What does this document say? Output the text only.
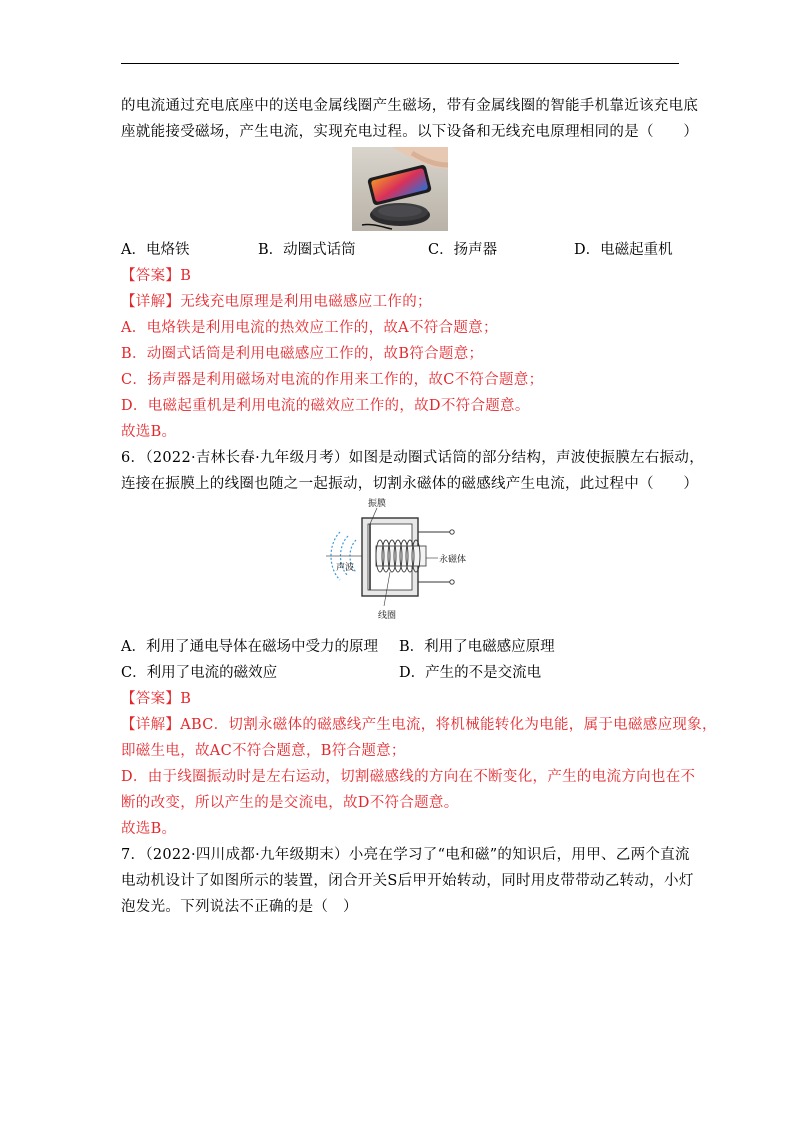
的电流通过充电底座中的送电金属线圈产生磁场，带有金属线圈的智能手机靠近该充电底
座就能接受磁场，产生电流，实现充电过程。以下设备和无线充电原理相同的是（　　）
A．电烙铁	B．动圈式话筒	C．扬声器	D．电磁起重机
【答案】B
【详解】无线充电原理是利用电磁感应工作的；
A．电烙铁是利用电流的热效应工作的，故A不符合题意；
B．动圈式话筒是利用电磁感应工作的，故B符合题意；
C．扬声器是利用磁场对电流的作用来工作的，故C不符合题意；
D．电磁起重机是利用电流的磁效应工作的，故D不符合题意。
故选B。
6．（2022·吉林长春·九年级月考）如图是动圈式话筒的部分结构，声波使振膜左右振动，
连接在振膜上的线圈也随之一起振动，切割永磁体的磁感线产生电流，此过程中（　　）
振膜
永磁体
声波
线圈
A．利用了通电导体在磁场中受力的原理 B．利用了电磁感应原理
C．利用了电流的磁效应	D．产生的不是交流电
【答案】B
【详解】ABC．切割永磁体的磁感线产生电流，将机械能转化为电能，属于电磁感应现象，
即磁生电，故AC不符合题意，B符合题意；
D．由于线圈振动时是左右运动，切割磁感线的方向在不断变化，产生的电流方向也在不
断的改变，所以产生的是交流电，故D不符合题意。
故选B。
7．（2022·四川成都·九年级期末）小亮在学习了“电和磁”的知识后，用甲、乙两个直流
电动机设计了如图所示的装置，闭合开关S后甲开始转动，同时用皮带带动乙转动，小灯
泡发光。下列说法不正确的是（　）
